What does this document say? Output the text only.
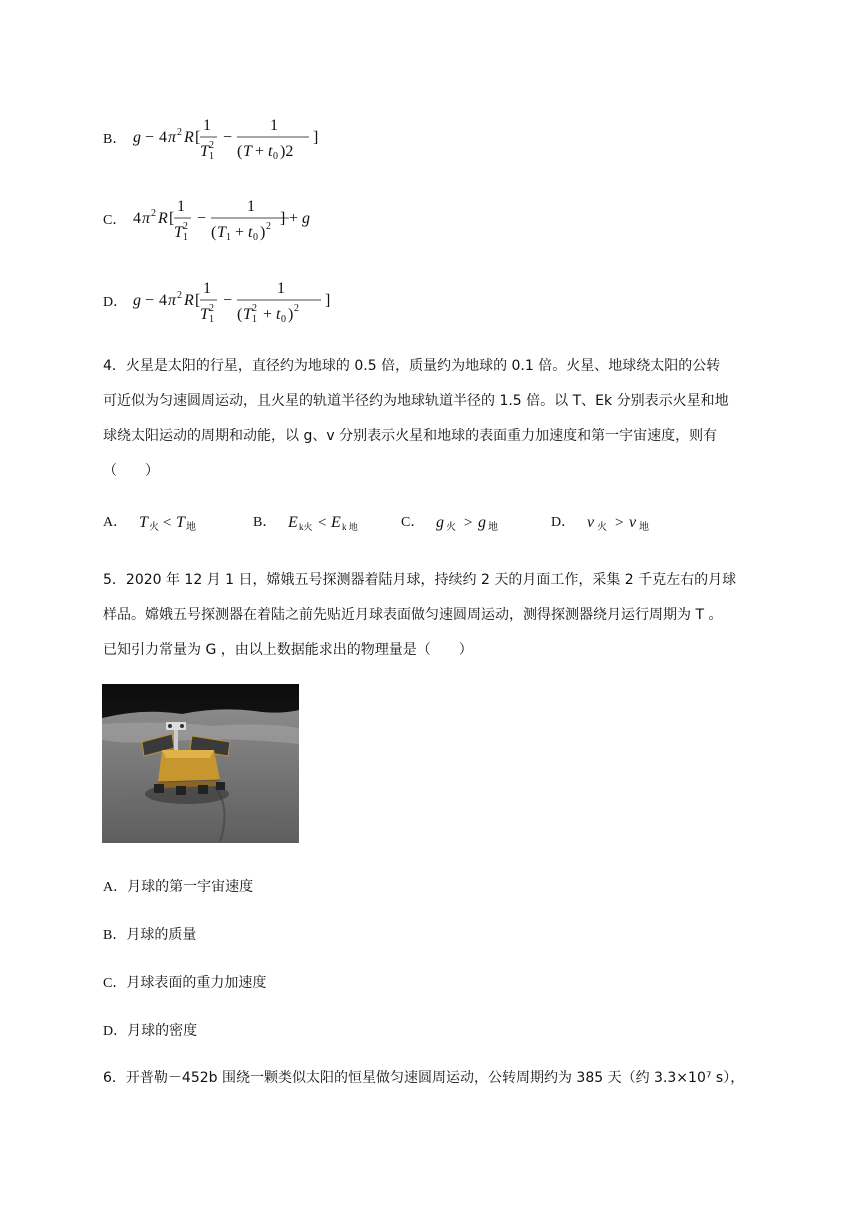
B． g − 4 π 2 R [
1
T 1
2 −
1
( T + t 0 )2
]
C． 4 π 2 R [
1
T 1
2 −
1
( T 1 + t 0 ) 2 ] + g
D． g − 4 π 2 R [
1
T 1
2 −
1
( T 1
2 + t 0 ) 2 ]
4．火星是太阳的行星，直径约为地球的 0.5 倍，质量约为地球的 0.1 倍。火星、地球绕太阳的公转
可近似为匀速圆周运动，且火星的轨道半径约为地球轨道半径的 1.5 倍。以 T、Ek 分别表示火星和地
球绕太阳运动的周期和动能，以 g、v 分别表示火星和地球的表面重力加速度和第一宇宙速度，则有
（　　）
A． T 火 < T 地	B． E k火 < E k 地	C． g 火 > g 地	D． v 火 > v 地
5．2020 年 12 月 1 日，嫦娥五号探测器着陆月球，持续约 2 天的月面工作，采集 2 千克左右的月球
样品。嫦娥五号探测器在着陆之前先贴近月球表面做匀速圆周运动，测得探测器绕月运行周期为 T 。
已知引力常量为 G ，由以上数据能求出的物理量是（　　）
A．月球的第一宇宙速度
B．月球的质量
C．月球表面的重力加速度
D．月球的密度
6．开普勒－452b 围绕一颗类似太阳的恒星做匀速圆周运动，公转周期约为 385 天（约 3.3×10⁷ s），
